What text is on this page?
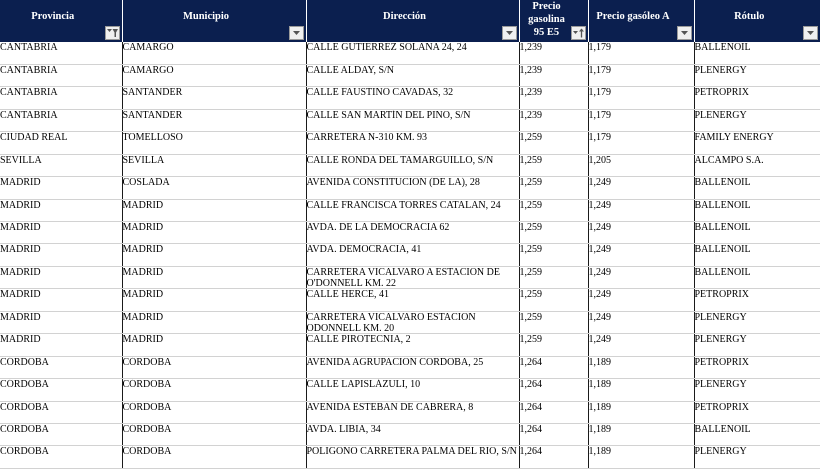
Provincia	Municipio	Dirección	Precio gasolina 95 E5	Precio gasóleo A	Rótulo

CANTABRIA	CAMARGO	CALLE GUTIERREZ SOLANA 24, 24	1,239	1,179	BALLENOIL

CANTABRIA	CAMARGO	CALLE ALDAY, S/N	1,239	1,179	PLENERGY

CANTABRIA	SANTANDER	CALLE FAUSTINO CAVADAS, 32	1,239	1,179	PETROPRIX

CANTABRIA	SANTANDER	CALLE SAN MARTÍN DEL PINO, S/N	1,239	1,179	PLENERGY

CIUDAD REAL	TOMELLOSO	CARRETERA N-310 KM. 93	1,259	1,179	FAMILY ENERGY

SEVILLA	SEVILLA	CALLE RONDA DEL TAMARGUILLO, S/N	1,259	1,205	ALCAMPO S.A.

MADRID	COSLADA	AVENIDA CONSTITUCION (DE LA), 28	1,259	1,249	BALLENOIL

MADRID	MADRID	CALLE FRANCISCA TORRES CATALAN, 24	1,259	1,249	BALLENOIL

MADRID	MADRID	AVDA. DE LA DEMOCRACIA 62	1,259	1,249	BALLENOIL

MADRID	MADRID	AVDA. DEMOCRACIA, 41	1,259	1,249	BALLENOIL

MADRID	MADRID	CARRETERA VICALVARO A ESTACION DE O'DONNELL KM. 22	1,259	1,249	BALLENOIL

MADRID	MADRID	CALLE HERCE, 41	1,259	1,249	PETROPRIX

MADRID	MADRID	CARRETERA VICALVARO ESTACION ODONNELL KM. 20	1,259	1,249	PLENERGY

MADRID	MADRID	CALLE PIROTECNIA, 2	1,259	1,249	PLENERGY

CÓRDOBA	CÓRDOBA	AVENIDA AGRUPACION CORDOBA, 25	1,264	1,189	PETROPRIX

CÓRDOBA	CÓRDOBA	CALLE LAPISLÁZULI, 10	1,264	1,189	PLENERGY

CÓRDOBA	CÓRDOBA	AVENIDA ESTEBAN DE CABRERA, 8	1,264	1,189	PETROPRIX

CÓRDOBA	CÓRDOBA	AVDA. LIBIA, 34	1,264	1,189	BALLENOIL

CÓRDOBA	CÓRDOBA	POLIGONO CARRETERA PALMA DEL RIO, S/N	1,264	1,189	PLENERGY
